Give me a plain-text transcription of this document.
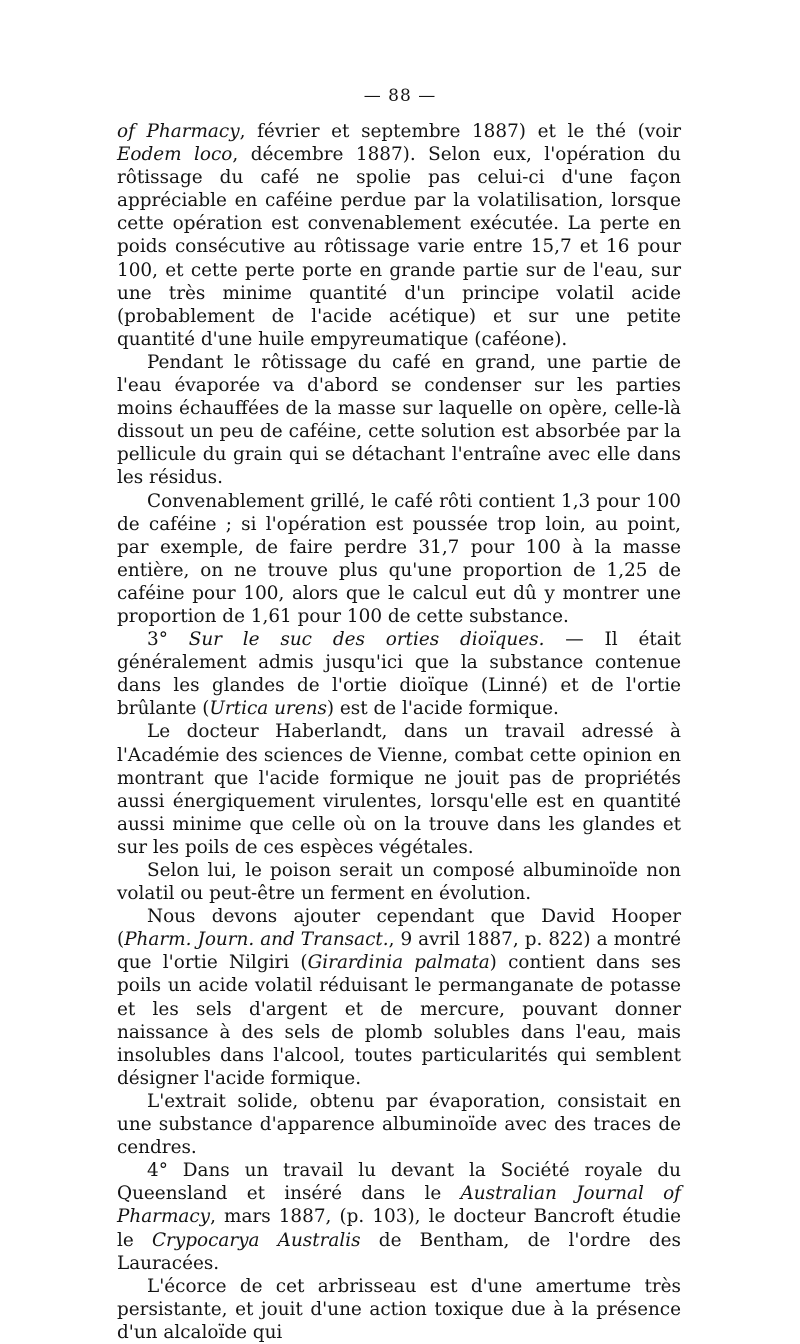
— 88 —

of Pharmacy, février et septembre 1887) et le thé (voir Eodem loco, décembre 1887). Selon eux, l'opération du rôtissage du café ne spolie pas celui-ci d'une façon appréciable en caféine perdue par la volatilisation, lorsque cette opération est convenablement exécutée. La perte en poids consécutive au rôtissage varie entre 15,7 et 16 pour 100, et cette perte porte en grande partie sur de l'eau, sur une très minime quantité d'un principe volatil acide (probablement de l'acide acétique) et sur une petite quantité d'une huile empyreumatique (caféone).

Pendant le rôtissage du café en grand, une partie de l'eau évaporée va d'abord se condenser sur les parties moins échauffées de la masse sur laquelle on opère, celle-là dissout un peu de caféine, cette solution est absorbée par la pellicule du grain qui se détachant l'entraîne avec elle dans les résidus.

Convenablement grillé, le café rôti contient 1,3 pour 100 de caféine ; si l'opération est poussée trop loin, au point, par exemple, de faire perdre 31,7 pour 100 à la masse entière, on ne trouve plus qu'une proportion de 1,25 de caféine pour 100, alors que le calcul eut dû y montrer une proportion de 1,61 pour 100 de cette substance.

3° Sur le suc des orties dioïques. — Il était généralement admis jusqu'ici que la substance contenue dans les glandes de l'ortie dioïque (Linné) et de l'ortie brûlante (Urtica urens) est de l'acide formique.

Le docteur Haberlandt, dans un travail adressé à l'Académie des sciences de Vienne, combat cette opinion en montrant que l'acide formique ne jouit pas de propriétés aussi énergiquement virulentes, lorsqu'elle est en quantité aussi minime que celle où on la trouve dans les glandes et sur les poils de ces espèces végétales.

Selon lui, le poison serait un composé albuminoïde non volatil ou peut-être un ferment en évolution.

Nous devons ajouter cependant que David Hooper (Pharm. Journ. and Transact., 9 avril 1887, p. 822) a montré que l'ortie Nilgiri (Girardinia palmata) contient dans ses poils un acide volatil réduisant le permanganate de potasse et les sels d'argent et de mercure, pouvant donner naissance à des sels de plomb solubles dans l'eau, mais insolubles dans l'alcool, toutes particularités qui semblent désigner l'acide formique.

L'extrait solide, obtenu par évaporation, consistait en une substance d'apparence albuminoïde avec des traces de cendres.

4° Dans un travail lu devant la Société royale du Queensland et inséré dans le Australian Journal of Pharmacy, mars 1887, (p. 103), le docteur Bancroft étudie le Crypocarya Australis de Bentham, de l'ordre des Lauracées.

L'écorce de cet arbrisseau est d'une amertume très persistante, et jouit d'une action toxique due à la présence d'un alcaloïde qui
